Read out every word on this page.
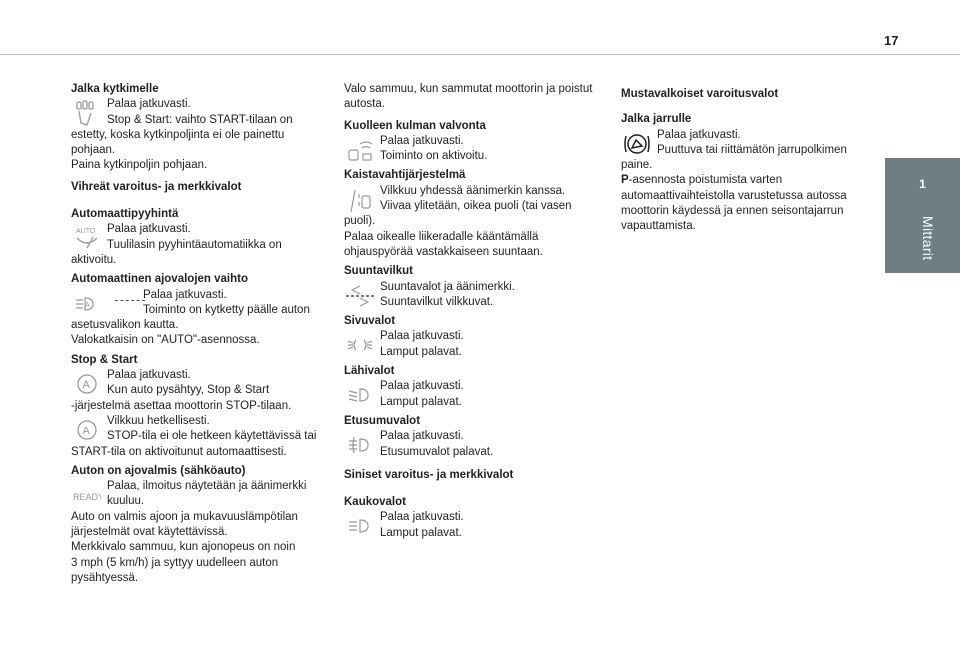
17
1
Mittarit
Jalka kytkimelle
Palaa jatkuvasti.
Stop & Start: vaihto START-tilaan on
estetty, koska kytkinpoljinta ei ole painettu
pohjaan.
Paina kytkinpoljin pohjaan.
Vihreät varoitus- ja merkkivalot
Automaattipyyhintä
AUTO Palaa jatkuvasti.
Tuulilasin pyyhintäautomatiikka on
aktivoitu.
Automaattinen ajovalojen vaihto
A
Palaa jatkuvasti.
Toiminto on kytketty päälle auton
asetusvalikon kautta.
Valokatkaisin on "AUTO"-asennossa.
Stop & Start
A
Palaa jatkuvasti.
Kun auto pysähtyy, Stop & Start
-järjestelmä asettaa moottorin STOP-tilaan.
A
Vilkkuu hetkellisesti.
STOP-tila ei ole hetkeen käytettävissä tai
START-tila on aktivoitunut automaattisesti.
Auton on ajovalmis (sähköauto)
READY
Palaa, ilmoitus näytetään ja äänimerkki
kuuluu.
Auto on valmis ajoon ja mukavuuslämpötilan
järjestelmät ovat käytettävissä.
Merkkivalo sammuu, kun ajonopeus on noin
3 mph (5 km/h) ja syttyy uudelleen auton
pysähtyessä.
Valo sammuu, kun sammutat moottorin ja poistut
autosta.
Kuolleen kulman valvonta
Palaa jatkuvasti.
Toiminto on aktivoitu.
Kaistavahtijärjestelmä
Vilkkuu yhdessä äänimerkin kanssa.
Viivaa ylitetään, oikea puoli (tai vasen
puoli).
Palaa oikealle liikeradalle kääntämällä
ohjauspyörää vastakkaiseen suuntaan.
Suuntavilkut
Suuntavalot ja äänimerkki.
Suuntavilkut vilkkuvat.
Sivuvalot
Palaa jatkuvasti.
Lamput palavat.
Lähivalot
Palaa jatkuvasti.
Lamput palavat.
Etusumuvalot
Palaa jatkuvasti.
Etusumuvalot palavat.
Siniset varoitus- ja merkkivalot
Kaukovalot
Palaa jatkuvasti.
Lamput palavat.
Mustavalkoiset varoitusvalot
Jalka jarrulle
Palaa jatkuvasti.
Puuttuva tai riittämätön jarrupolkimen
paine.
P-asennosta poistumista varten
automaattivaihteistolla varustetussa autossa
moottorin käydessä ja ennen seisontajarrun
vapauttamista.
